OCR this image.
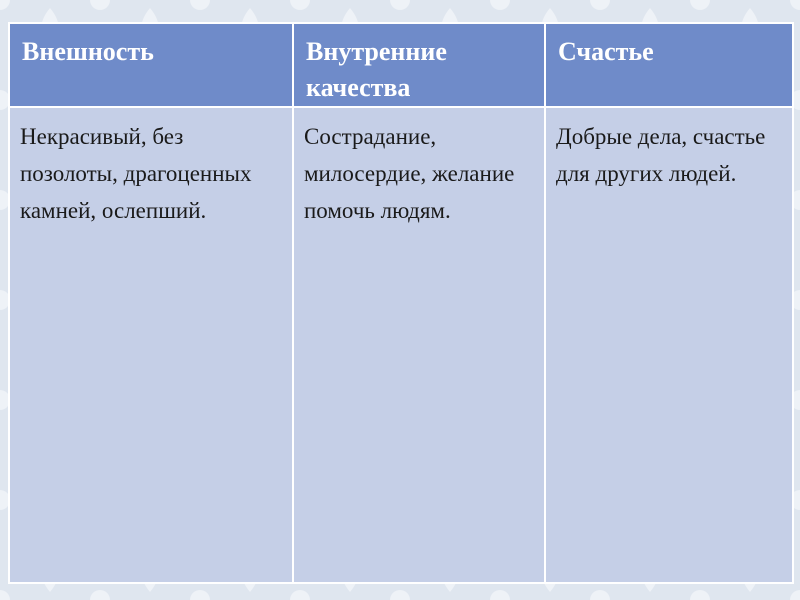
Внешность	Внутренние качества	Счастье
Некрасивый, без позолоты, драгоценных камней, ослепший.	Сострадание, милосердие, желание помочь людям.	Добрые дела, счастье для других людей.
